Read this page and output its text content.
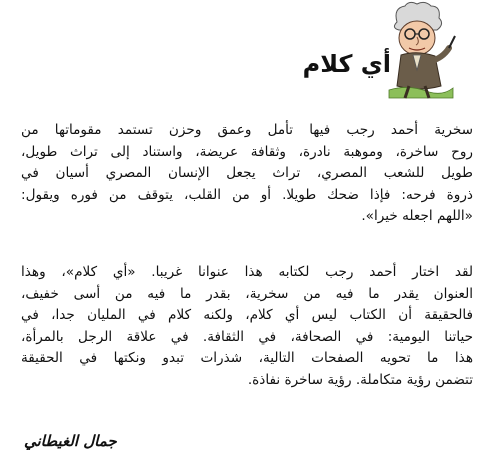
أي كلام

سخرية أحمد رجب فيها تأمل وعمق وحزن تستمد مقوماتها من
روح ساخرة، وموهبة نادرة، وثقافة عريضة، واستناد إلى تراث طويل،
طويل للشعب المصري، تراث يجعل الإنسان المصري أسيان في
ذروة فرحه: فإذا ضحك طويلا. أو من القلب، يتوقف من فوره ويقول:
«اللهم اجعله خيرا».

لقد اختار أحمد رجب لكتابه هذا عنوانا غريبا. «أي كلام»، وهذا
العنوان يقدر ما فيه من سخرية، بقدر ما فيه من أسى خفيف،
فالحقيقة أن الكتاب ليس أي كلام، ولكنه كلام في المليان جدا، في
حياتنا اليومية: في الصحافة، في الثقافة. في علاقة الرجل بالمرأة،
هذا ما تحويه الصفحات التالية، شذرات تبدو ونكتها في الحقيقة
تتضمن رؤية متكاملة. رؤية ساخرة نفاذة.

جمال الغيطاني
